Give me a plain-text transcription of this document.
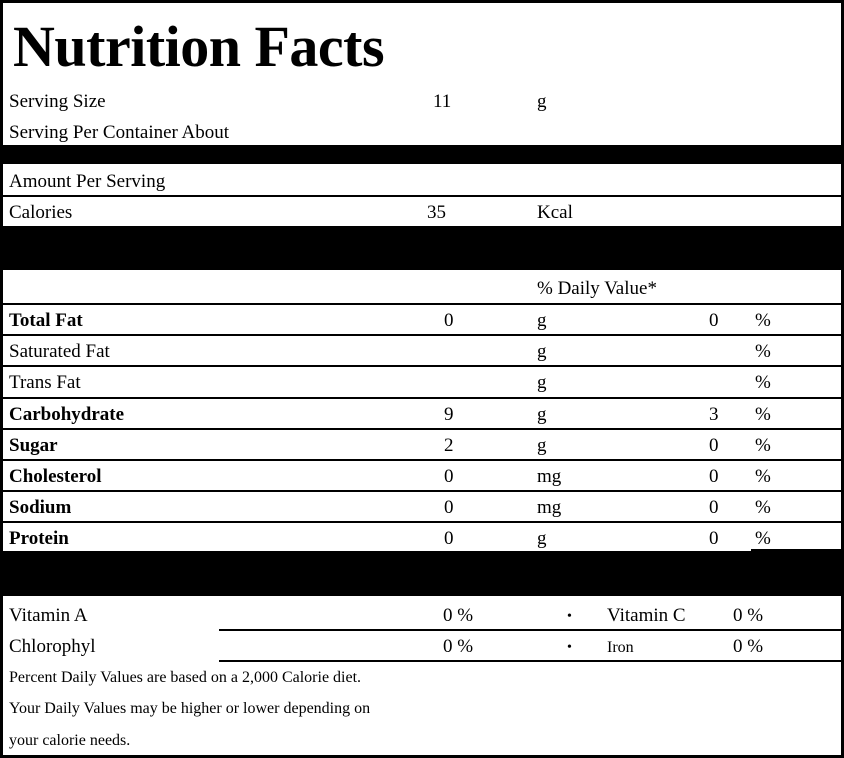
Nutrition Facts
Serving Size	11	g
Serving Per Container About
Amount Per Serving
Calories	35	Kcal
% Daily Value*
Total Fat	0	g	0 %
Saturated Fat	g	%
Trans Fat	g	%
Carbohydrate	9	g	3 %
Sugar	2	g	0 %
Cholesterol	0	mg	0 %
Sodium	0	mg	0 %
Protein	0	g	0 %
Vitamin A	0 %	• Vitamin C 0 %
Chlorophyl	0 %	• Iron	0 %
Percent Daily Values are based on a 2,000 Calorie diet.
Your Daily Values may be higher or lower depending on
your calorie needs.
